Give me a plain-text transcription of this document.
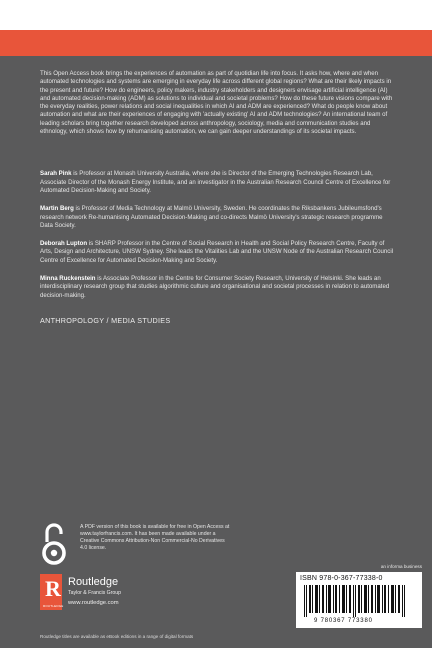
This Open Access book brings the experiences of automation as part of quotidian life into focus. It asks how, where and when automated technologies and systems are emerging in everyday life across different global regions? What are their likely impacts in the present and future? How do engineers, policy makers, industry stakeholders and designers envisage artificial intelligence (AI) and automated decision-making (ADM) as solutions to individual and societal problems? How do these future visions compare with the everyday realities, power relations and social inequalities in which AI and ADM are experienced? What do people know about automation and what are their experiences of engaging with 'actually existing' AI and ADM technologies? An international team of leading scholars bring together research developed across anthropology, sociology, media and communication studies and ethnology, which shows how by rehumanising automation, we can gain deeper understandings of its societal impacts.

Sarah Pink is Professor at Monash University Australia, where she is Director of the Emerging Technologies Research Lab, Associate Director of the Monash Energy Institute, and an investigator in the Australian Research Council Centre of Excellence for Automated Decision-Making and Society.

Martin Berg is Professor of Media Technology at Malmö University, Sweden. He coordinates the Riksbankens Jubileumsfond's research network Re-humanising Automated Decision-Making and co-directs Malmö University's strategic research programme Data Society.

Deborah Lupton is SHARP Professor in the Centre of Social Research in Health and Social Policy Research Centre, Faculty of Arts, Design and Architecture, UNSW Sydney. She leads the Vitalities Lab and the UNSW Node of the Australian Research Council Centre of Excellence for Automated Decision-Making and Society.

Minna Ruckenstein is Associate Professor in the Centre for Consumer Society Research, University of Helsinki. She leads an interdisciplinary research group that studies algorithmic culture and organisational and societal processes in relation to automated decision-making.

ANTHROPOLOGY / MEDIA STUDIES
A PDF version of this book is available for free in Open Access at www.taylorfrancis.com. It has been made available under a Creative Commons Attribution-Non Commercial-No Derivatives 4.0 license.
R
ROUTLEDGE
Routledge
Taylor & Francis Group
www.routledge.com
an informa business
ISBN 978-0-367-77338-0
9 780367 773380
Routledge titles are available as eBook editions in a range of digital formats
